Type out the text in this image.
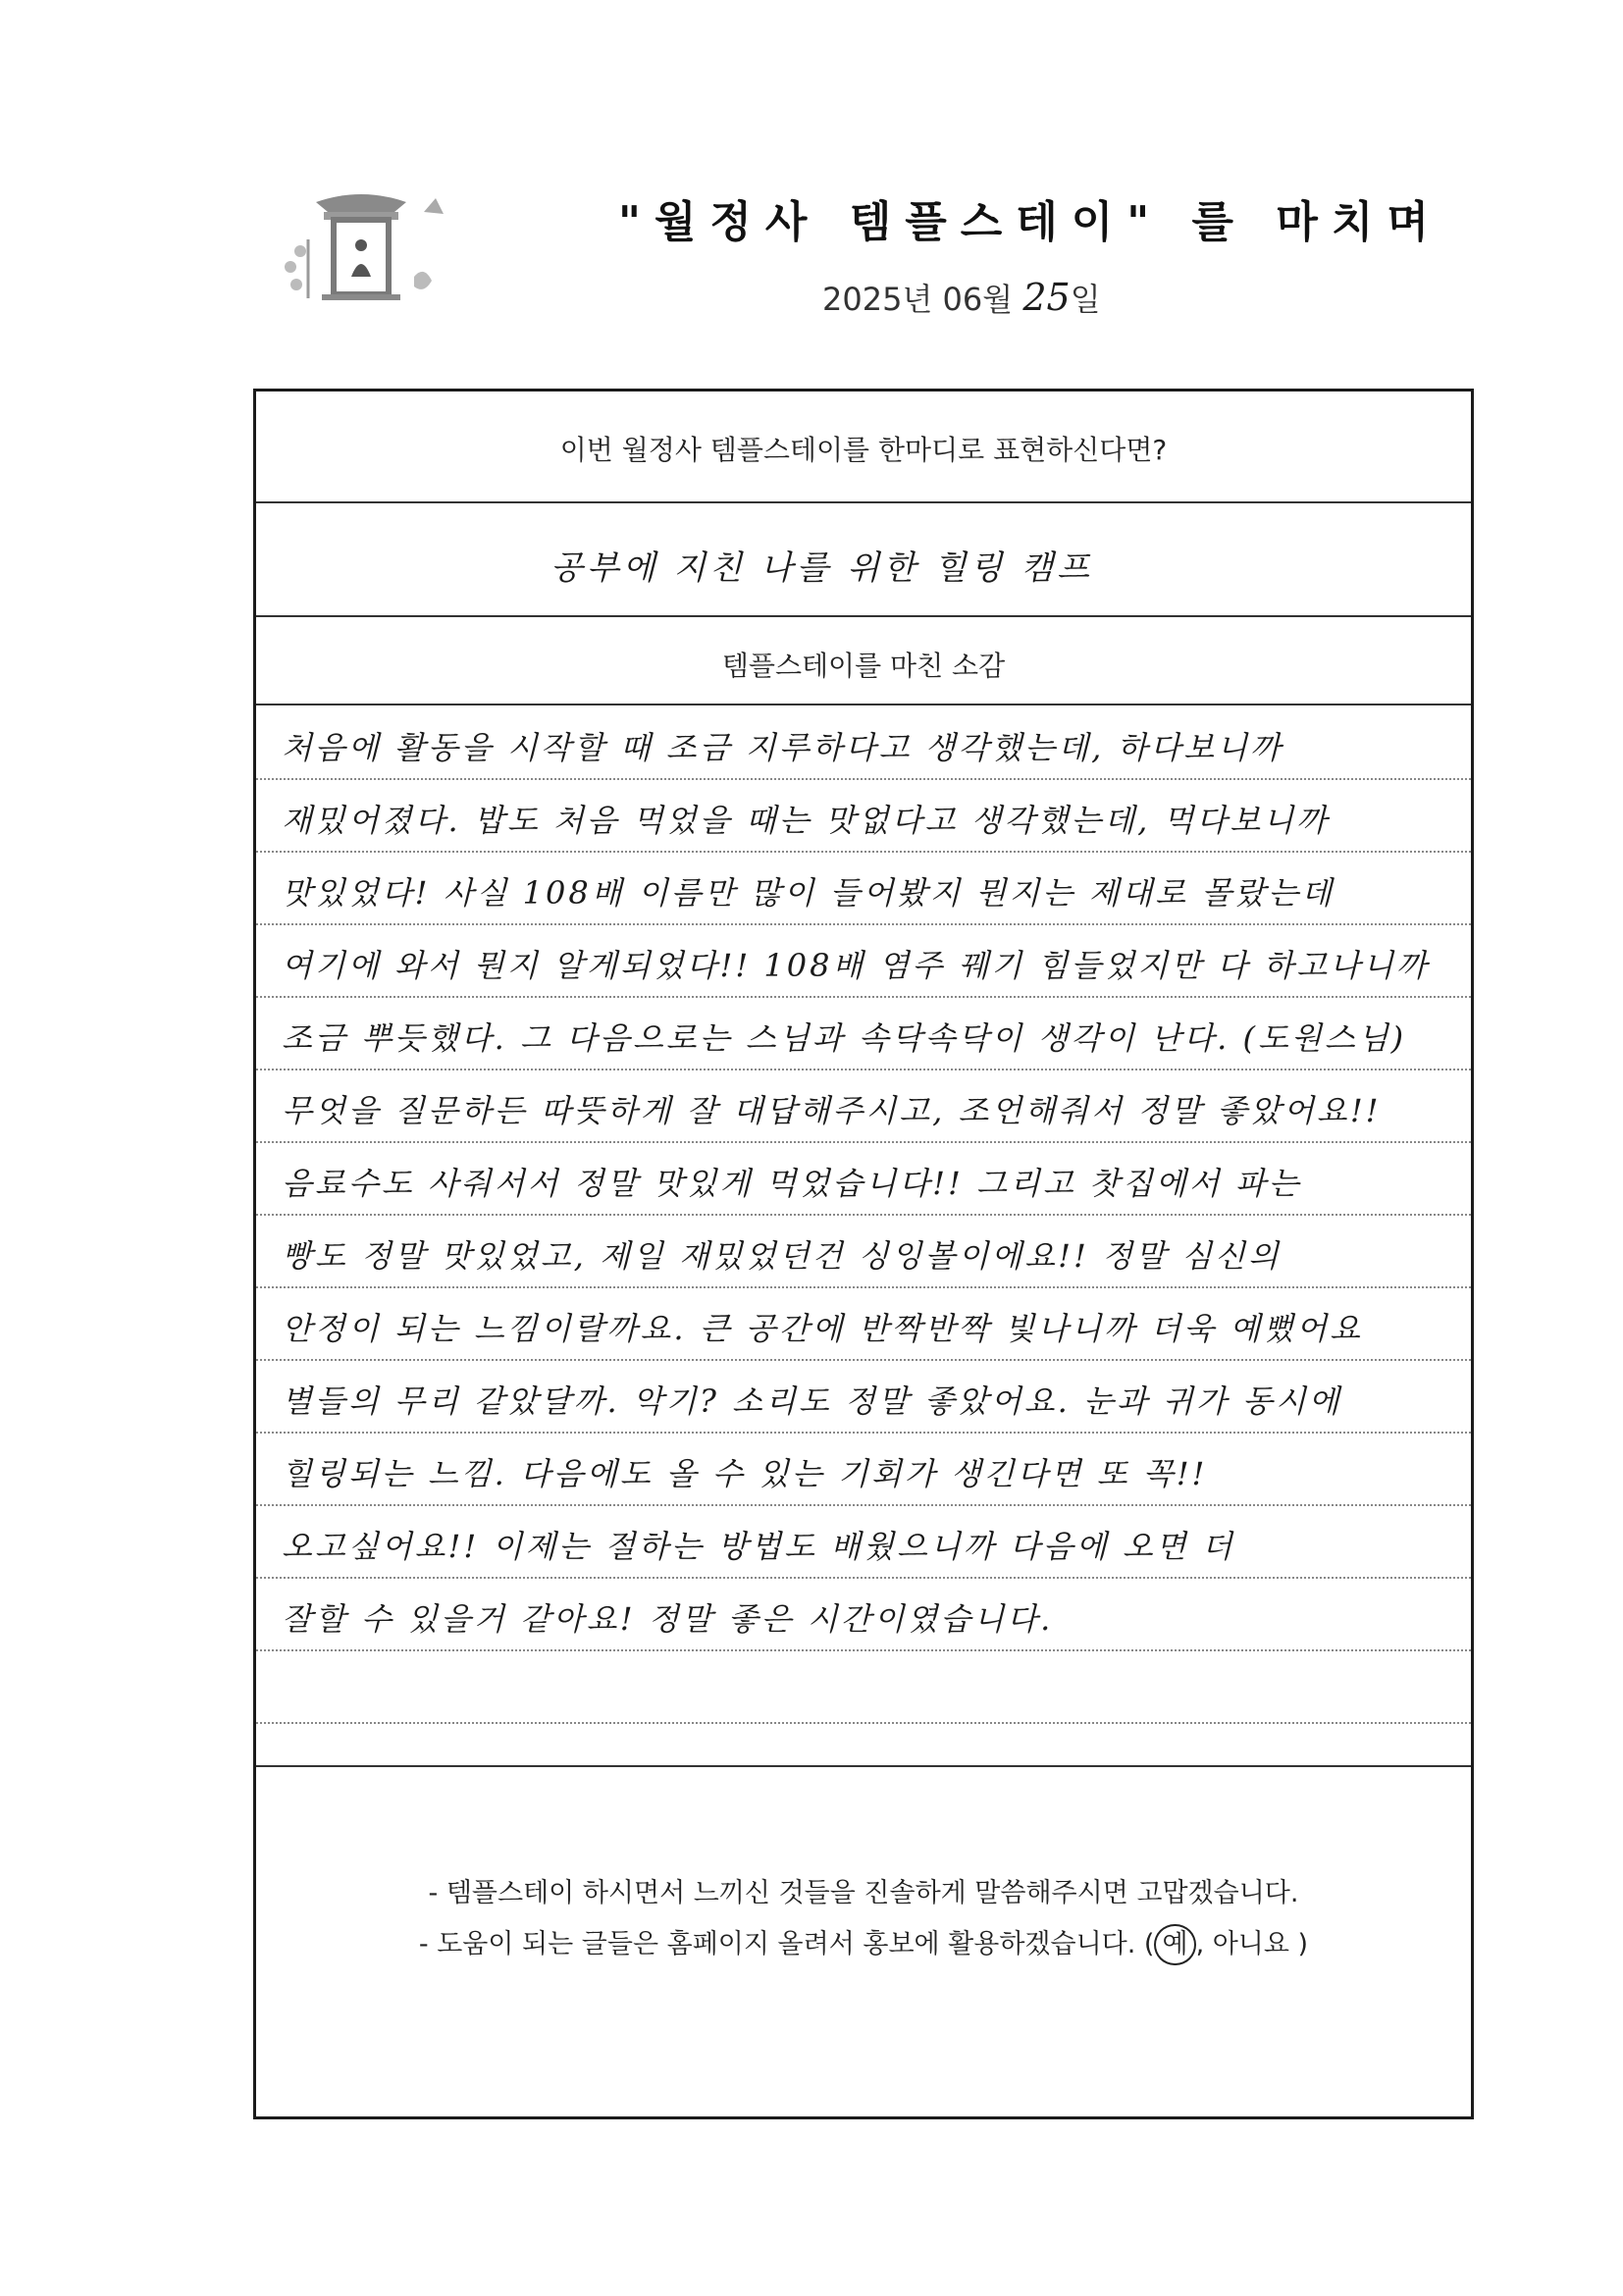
"월정사 템플스테이" 를 마치며
2025년 06월 25일
이번 월정사 템플스테이를 한마디로 표현하신다면?
공부에 지친 나를 위한 힐링 캠프
템플스테이를 마친 소감
처음에 활동을 시작할 때 조금 지루하다고 생각했는데, 하다보니까
재밌어졌다. 밥도 처음 먹었을 때는 맛없다고 생각했는데, 먹다보니까
맛있었다! 사실 108배 이름만 많이 들어봤지 뭔지는 제대로 몰랐는데
여기에 와서 뭔지 알게되었다!! 108배 염주 꿰기 힘들었지만 다 하고나니까
조금 뿌듯했다. 그 다음으로는 스님과 속닥속닥이 생각이 난다. (도원스님)
무엇을 질문하든 따뜻하게 잘 대답해주시고, 조언해줘서 정말 좋았어요!!
음료수도 사줘서서 정말 맛있게 먹었습니다!! 그리고 찻집에서 파는
빵도 정말 맛있었고, 제일 재밌었던건 싱잉볼이에요!! 정말 심신의
안정이 되는 느낌이랄까요. 큰 공간에 반짝반짝 빛나니까 더욱 예뻤어요
별들의 무리 같았달까. 악기? 소리도 정말 좋았어요. 눈과 귀가 동시에
힐링되는 느낌. 다음에도 올 수 있는 기회가 생긴다면 또 꼭!!
오고싶어요!! 이제는 절하는 방법도 배웠으니까 다음에 오면 더
잘할 수 있을거 같아요! 정말 좋은 시간이였습니다.
- 템플스테이 하시면서 느끼신 것들을 진솔하게 말씀해주시면 고맙겠습니다.
- 도움이 되는 글들은 홈페이지 올려서 홍보에 활용하겠습니다. ( 예 , 아니요 )
